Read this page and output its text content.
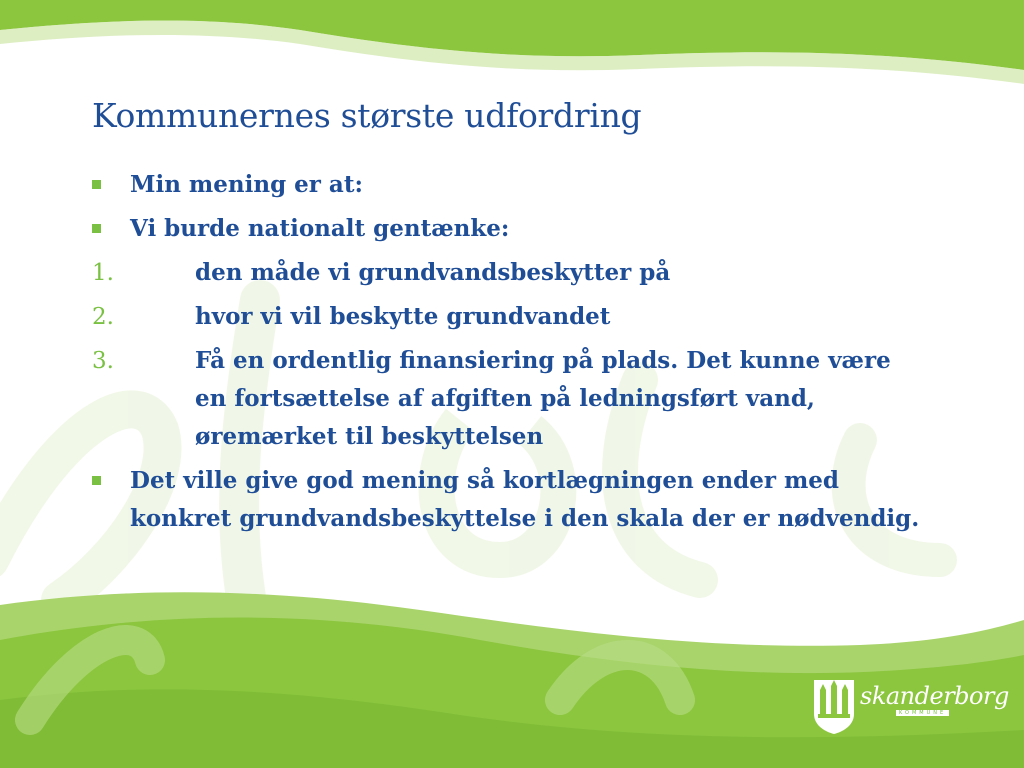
Kommunernes største udfordring
Min mening er at:
Vi burde nationalt gentænke:
1.	den måde vi grundvandsbeskytter på
2.	hvor vi vil beskytte grundvandet
3.	Få en ordentlig finansiering på plads. Det kunne være en fortsættelse af afgiften på ledningsført vand, øremærket til beskyttelsen
Det ville give god mening så kortlægningen ender med konkret grundvandsbeskyttelse i den skala der er nødvendig.
skanderborg
KOMMUNE
